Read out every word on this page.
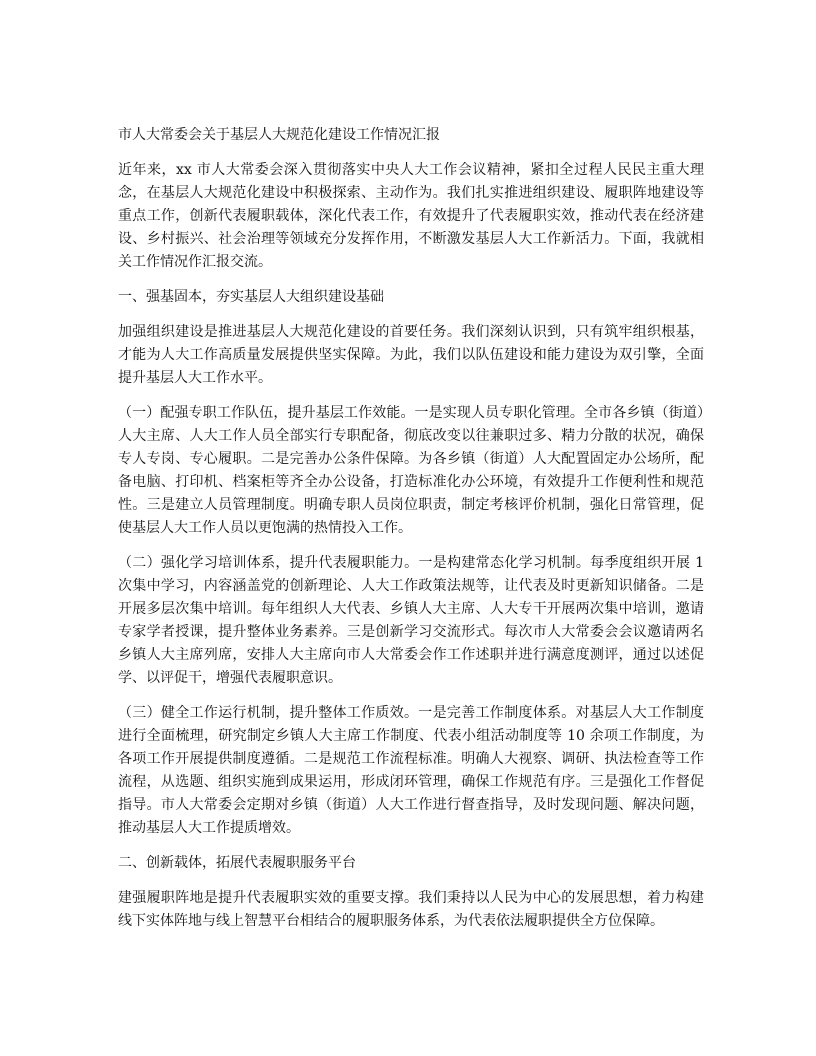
市人大常委会关于基层人大规范化建设工作情况汇报

近年来，xx 市人大常委会深入贯彻落实中央人大工作会议精神，紧扣全过程人民民主重大理念，在基层人大规范化建设中积极探索、主动作为。我们扎实推进组织建设、履职阵地建设等重点工作，创新代表履职载体，深化代表工作，有效提升了代表履职实效，推动代表在经济建设、乡村振兴、社会治理等领域充分发挥作用，不断激发基层人大工作新活力。下面，我就相关工作情况作汇报交流。

一、强基固本，夯实基层人大组织建设基础

加强组织建设是推进基层人大规范化建设的首要任务。我们深刻认识到，只有筑牢组织根基，才能为人大工作高质量发展提供坚实保障。为此，我们以队伍建设和能力建设为双引擎，全面提升基层人大工作水平。

（一）配强专职工作队伍，提升基层工作效能。一是实现人员专职化管理。全市各乡镇（街道）人大主席、人大工作人员全部实行专职配备，彻底改变以往兼职过多、精力分散的状况，确保专人专岗、专心履职。二是完善办公条件保障。为各乡镇（街道）人大配置固定办公场所，配备电脑、打印机、档案柜等齐全办公设备，打造标准化办公环境，有效提升工作便利性和规范性。三是建立人员管理制度。明确专职人员岗位职责，制定考核评价机制，强化日常管理，促使基层人大工作人员以更饱满的热情投入工作。

（二）强化学习培训体系，提升代表履职能力。一是构建常态化学习机制。每季度组织开展 1 次集中学习，内容涵盖党的创新理论、人大工作政策法规等，让代表及时更新知识储备。二是开展多层次集中培训。每年组织人大代表、乡镇人大主席、人大专干开展两次集中培训，邀请专家学者授课，提升整体业务素养。三是创新学习交流形式。每次市人大常委会会议邀请两名乡镇人大主席列席，安排人大主席向市人大常委会作工作述职并进行满意度测评，通过以述促学、以评促干，增强代表履职意识。

（三）健全工作运行机制，提升整体工作质效。一是完善工作制度体系。对基层人大工作制度进行全面梳理，研究制定乡镇人大主席工作制度、代表小组活动制度等 10 余项工作制度，为各项工作开展提供制度遵循。二是规范工作流程标准。明确人大视察、调研、执法检查等工作流程，从选题、组织实施到成果运用，形成闭环管理，确保工作规范有序。三是强化工作督促指导。市人大常委会定期对乡镇（街道）人大工作进行督查指导，及时发现问题、解决问题，推动基层人大工作提质增效。

二、创新载体，拓展代表履职服务平台

建强履职阵地是提升代表履职实效的重要支撑。我们秉持以人民为中心的发展思想，着力构建线下实体阵地与线上智慧平台相结合的履职服务体系，为代表依法履职提供全方位保障。
